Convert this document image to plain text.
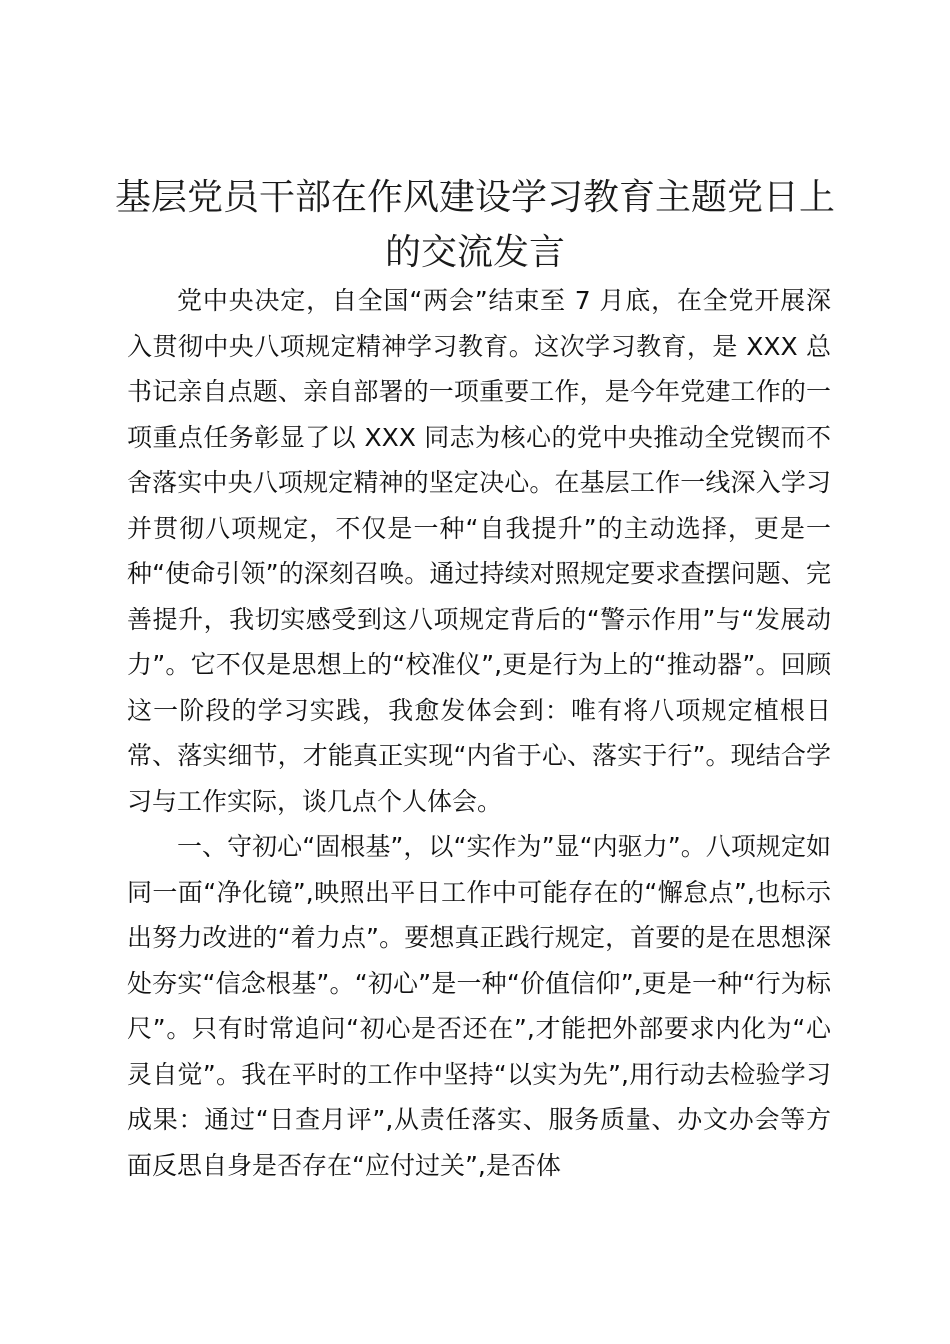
基层党员干部在作风建设学习教育主题党日上的交流发言

党中央决定，自全国“两会”结束至 7 月底，在全党开展深入贯彻中央八项规定精神学习教育。这次学习教育，是 XXX 总书记亲自点题、亲自部署的一项重要工作，是今年党建工作的一项重点任务彰显了以 XXX 同志为核心的党中央推动全党锲而不舍落实中央八项规定精神的坚定决心。在基层工作一线深入学习并贯彻八项规定，不仅是一种“自我提升”的主动选择，更是一种“使命引领”的深刻召唤。通过持续对照规定要求查摆问题、完善提升，我切实感受到这八项规定背后的“警示作用”与“发展动力”。它不仅是思想上的“校准仪”,更是行为上的“推动器”。回顾这一阶段的学习实践，我愈发体会到：唯有将八项规定植根日常、落实细节，才能真正实现“内省于心、落实于行”。现结合学习与工作实际，谈几点个人体会。

一、守初心“固根基”，以“实作为”显“内驱力”。八项规定如同一面“净化镜”,映照出平日工作中可能存在的“懈怠点”,也标示出努力改进的“着力点”。要想真正践行规定，首要的是在思想深处夯实“信念根基”。“初心”是一种“价值信仰”,更是一种“行为标尺”。只有时常追问“初心是否还在”,才能把外部要求内化为“心灵自觉”。我在平时的工作中坚持“以实为先”,用行动去检验学习成果：通过“日查月评”,从责任落实、服务质量、办文办会等方面反思自身是否存在“应付过关”,是否体
